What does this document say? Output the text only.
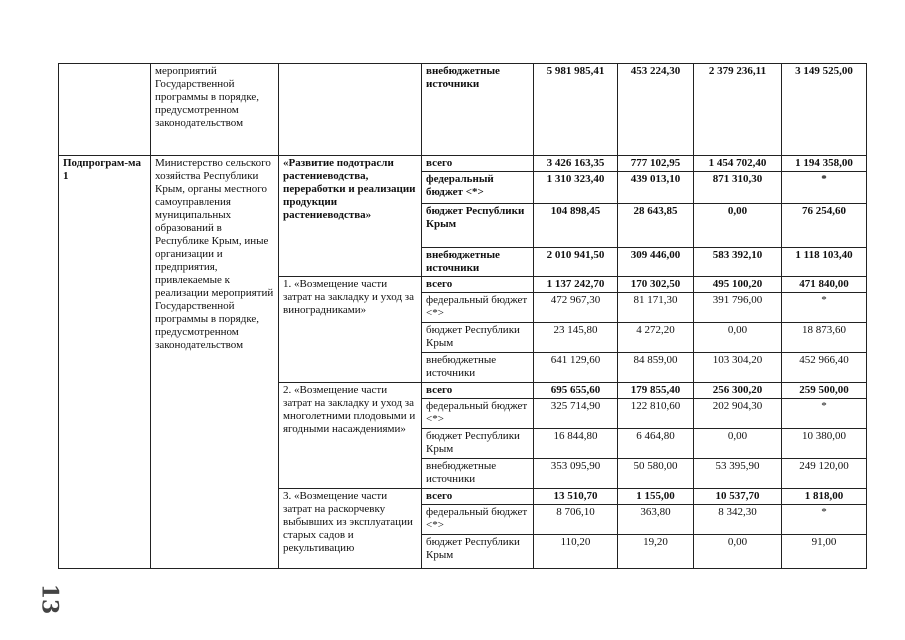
	мероприятий Государственной программы в порядке, предусмотренном законодательством		внебюджетные источники	5 981 985,41	453 224,30	2 379 236,11	3 149 525,00
Подпрограм-ма 1	Министерство сельского хозяйства Республики Крым, органы местного самоуправления муниципальных образований в Республике Крым, иные организации и предприятия, привлекаемые к реализации мероприятий Государственной программы в порядке, предусмотренном законодательством	«Развитие подотрасли растениеводства, переработки и реализации продукции растениеводства»	всего	3 426 163,35	777 102,95	1 454 702,40	1 194 358,00
			федеральный бюджет <*>	1 310 323,40	439 013,10	871 310,30	*
			бюджет Республики Крым	104 898,45	28 643,85	0,00	76 254,60
			внебюджетные источники	2 010 941,50	309 446,00	583 392,10	1 118 103,40
		1. «Возмещение части затрат на закладку и уход за виноградниками»	всего	1 137 242,70	170 302,50	495 100,20	471 840,00
			федеральный бюджет <*>	472 967,30	81 171,30	391 796,00	*
			бюджет Республики Крым	23 145,80	4 272,20	0,00	18 873,60
			внебюджетные источники	641 129,60	84 859,00	103 304,20	452 966,40
		2. «Возмещение части затрат на закладку и уход за многолетними плодовыми и ягодными насаждениями»	всего	695 655,60	179 855,40	256 300,20	259 500,00
			федеральный бюджет <*>	325 714,90	122 810,60	202 904,30	*
			бюджет Республики Крым	16 844,80	6 464,80	0,00	10 380,00
			внебюджетные источники	353 095,90	50 580,00	53 395,90	249 120,00
		3. «Возмещение части затрат на раскорчевку выбывших из эксплуатации старых садов и рекультивацию	всего	13 510,70	1 155,00	10 537,70	1 818,00
			федеральный бюджет <*>	8 706,10	363,80	8 342,30	*
			бюджет Республики Крым	110,20	19,20	0,00	91,00
13
